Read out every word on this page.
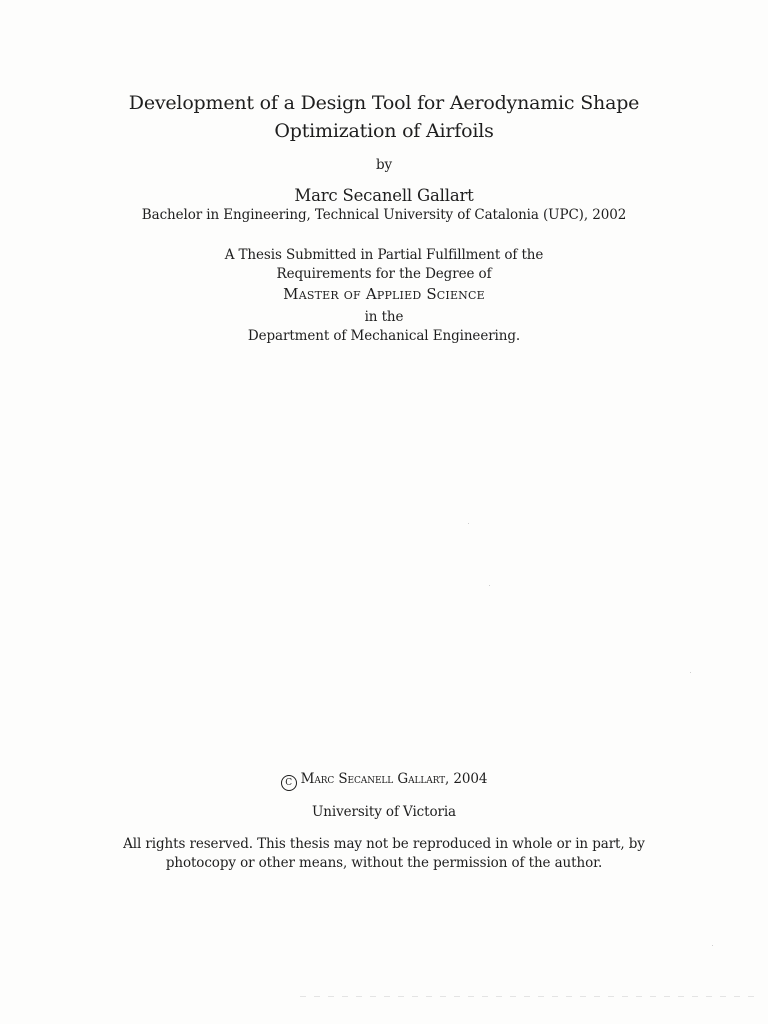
Development of a Design Tool for Aerodynamic Shape
Optimization of Airfoils
by
Marc Secanell Gallart
Bachelor in Engineering, Technical University of Catalonia (UPC), 2002
A Thesis Submitted in Partial Fulfillment of the
Requirements for the Degree of
Master of Applied Science
in the
Department of Mechanical Engineering.
C Marc Secanell Gallart, 2004
University of Victoria
All rights reserved. This thesis may not be reproduced in whole or in part, by
photocopy or other means, without the permission of the author.
